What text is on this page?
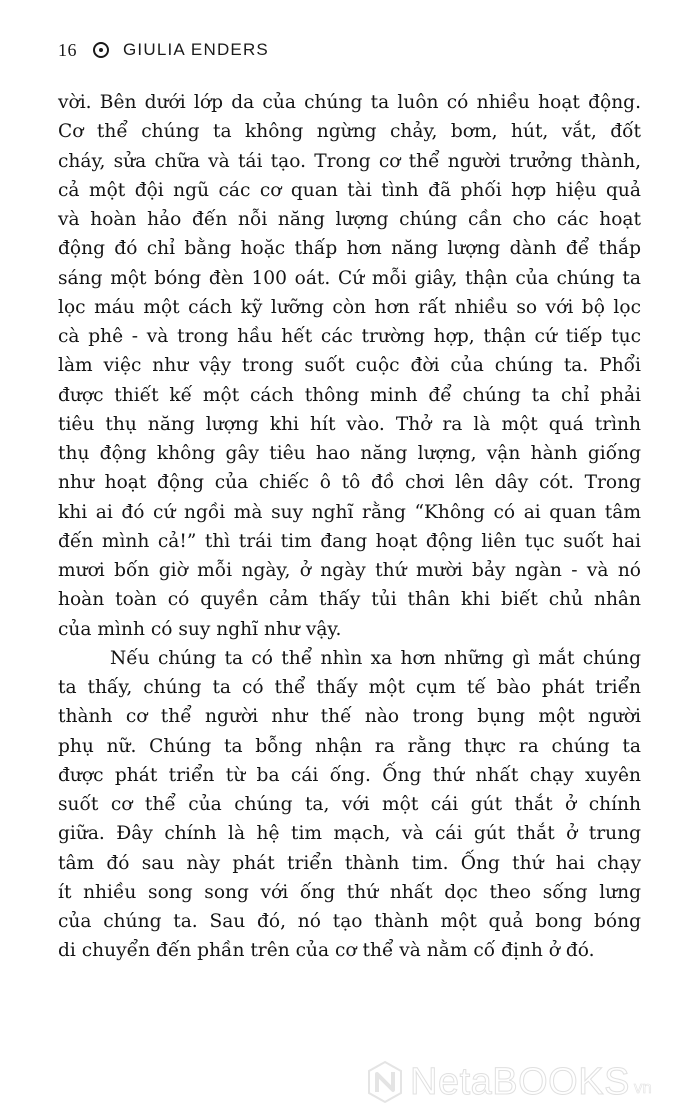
16	GIULIA ENDERS
vời. Bên dưới lớp da của chúng ta luôn có nhiều hoạt động.
Cơ thể chúng ta không ngừng chảy, bơm, hút, vắt, đốt
cháy, sửa chữa và tái tạo. Trong cơ thể người trưởng thành,
cả một đội ngũ các cơ quan tài tình đã phối hợp hiệu quả
và hoàn hảo đến nỗi năng lượng chúng cần cho các hoạt
động đó chỉ bằng hoặc thấp hơn năng lượng dành để thắp
sáng một bóng đèn 100 oát. Cứ mỗi giây, thận của chúng ta
lọc máu một cách kỹ lưỡng còn hơn rất nhiều so với bộ lọc
cà phê - và trong hầu hết các trường hợp, thận cứ tiếp tục
làm việc như vậy trong suốt cuộc đời của chúng ta. Phổi
được thiết kế một cách thông minh để chúng ta chỉ phải
tiêu thụ năng lượng khi hít vào. Thở ra là một quá trình
thụ động không gây tiêu hao năng lượng, vận hành giống
như hoạt động của chiếc ô tô đồ chơi lên dây cót. Trong
khi ai đó cứ ngồi mà suy nghĩ rằng “Không có ai quan tâm
đến mình cả!” thì trái tim đang hoạt động liên tục suốt hai
mươi bốn giờ mỗi ngày, ở ngày thứ mười bảy ngàn - và nó
hoàn toàn có quyền cảm thấy tủi thân khi biết chủ nhân
của mình có suy nghĩ như vậy.
Nếu chúng ta có thể nhìn xa hơn những gì mắt chúng
ta thấy, chúng ta có thể thấy một cụm tế bào phát triển
thành cơ thể người như thế nào trong bụng một người
phụ nữ. Chúng ta bỗng nhận ra rằng thực ra chúng ta
được phát triển từ ba cái ống. Ống thứ nhất chạy xuyên
suốt cơ thể của chúng ta, với một cái gút thắt ở chính
giữa. Đây chính là hệ tim mạch, và cái gút thắt ở trung
tâm đó sau này phát triển thành tim. Ống thứ hai chạy
ít nhiều song song với ống thứ nhất dọc theo sống lưng
của chúng ta. Sau đó, nó tạo thành một quả bong bóng
di chuyển đến phần trên của cơ thể và nằm cố định ở đó.
NetaBOOKS vn
